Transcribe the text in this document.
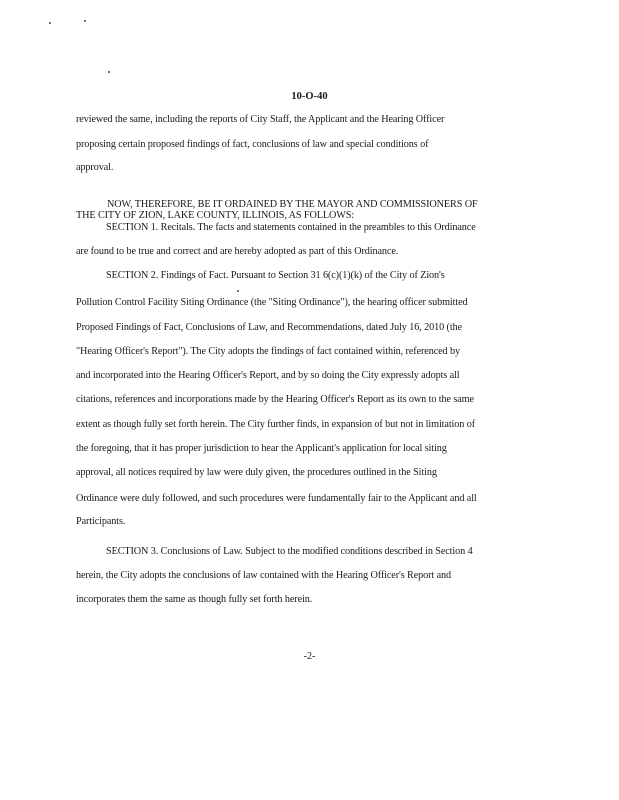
10-O-40
reviewed the same, including the reports of City Staff, the Applicant and the Hearing Officer
proposing certain proposed findings of fact, conclusions of law and special conditions of
approval.
NOW, THEREFORE, BE IT ORDAINED BY THE MAYOR AND COMMISSIONERS OF
THE CITY OF ZION, LAKE COUNTY, ILLINOIS, AS FOLLOWS:
SECTION 1. Recitals. The facts and statements contained in the preambles to this Ordinance
are found to be true and correct and are hereby adopted as part of this Ordinance.
SECTION 2. Findings of Fact. Pursuant to Section 31 6(c)(1)(k) of the City of Zion's
Pollution Control Facility Siting Ordinance (the "Siting Ordinance"), the hearing officer submitted
Proposed Findings of Fact, Conclusions of Law, and Recommendations, dated July 16, 2010 (the
"Hearing Officer's Report"). The City adopts the findings of fact contained within, referenced by
and incorporated into the Hearing Officer's Report, and by so doing the City expressly adopts all
citations, references and incorporations made by the Hearing Officer's Report as its own to the same
extent as though fully set forth herein. The City further finds, in expansion of but not in limitation of
the foregoing, that it has proper jurisdiction to hear the Applicant's application for local siting
approval, all notices required by law were duly given, the procedures outlined in the Siting
Ordinance were duly followed, and such procedures were fundamentally fair to the Applicant and all
Participants.
SECTION 3. Conclusions of Law. Subject to the modified conditions described in Section 4
herein, the City adopts the conclusions of law contained with the Hearing Officer's Report and
incorporates them the same as though fully set forth herein.
-2-
